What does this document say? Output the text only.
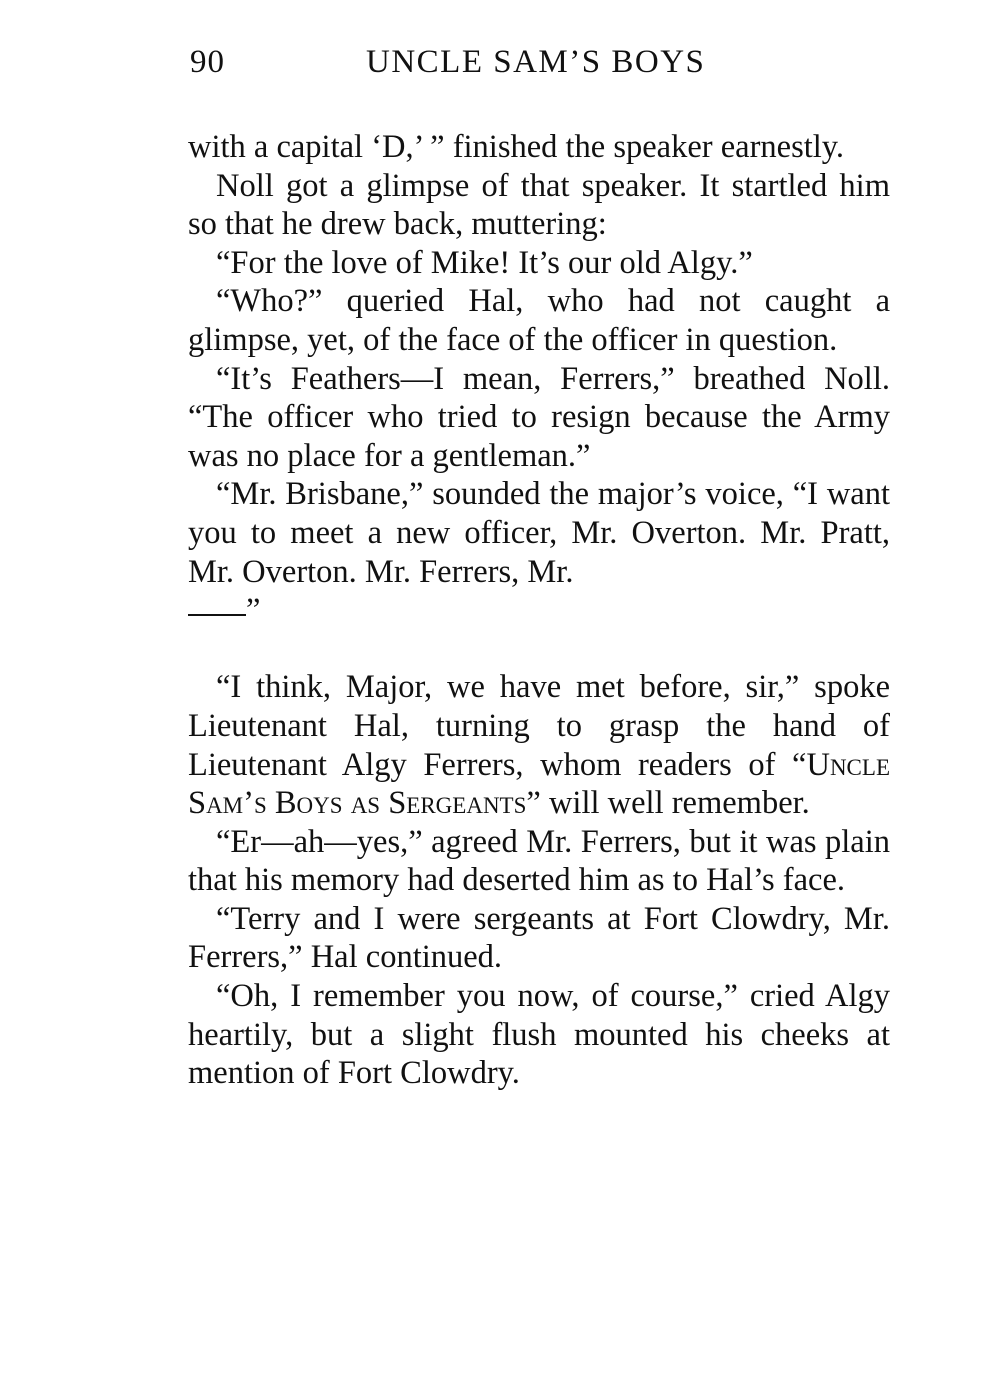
90	UNCLE SAM’S BOYS

with a capital ‘D,’ ” finished the speaker earnestly.

Noll got a glimpse of that speaker. It startled him so that he drew back, muttering:

“For the love of Mike! It’s our old Algy.”

“Who?” queried Hal, who had not caught a glimpse, yet, of the face of the officer in question.

“It’s Feathers—I mean, Ferrers,” breathed Noll. “The officer who tried to resign because the Army was no place for a gentleman.”

“Mr. Brisbane,” sounded the major’s voice, “I want you to meet a new officer, Mr. Overton. Mr. Pratt, Mr. Overton. Mr. Ferrers, Mr.

”

“I think, Major, we have met before, sir,” spoke Lieutenant Hal, turning to grasp the hand of Lieutenant Algy Ferrers, whom readers of “Uncle Sam’s Boys as Sergeants” will well remember.

“Er—ah—yes,” agreed Mr. Ferrers, but it was plain that his memory had deserted him as to Hal’s face.

“Terry and I were sergeants at Fort Clowdry, Mr. Ferrers,” Hal continued.

“Oh, I remember you now, of course,” cried Algy heartily, but a slight flush mounted his cheeks at mention of Fort Clowdry.
